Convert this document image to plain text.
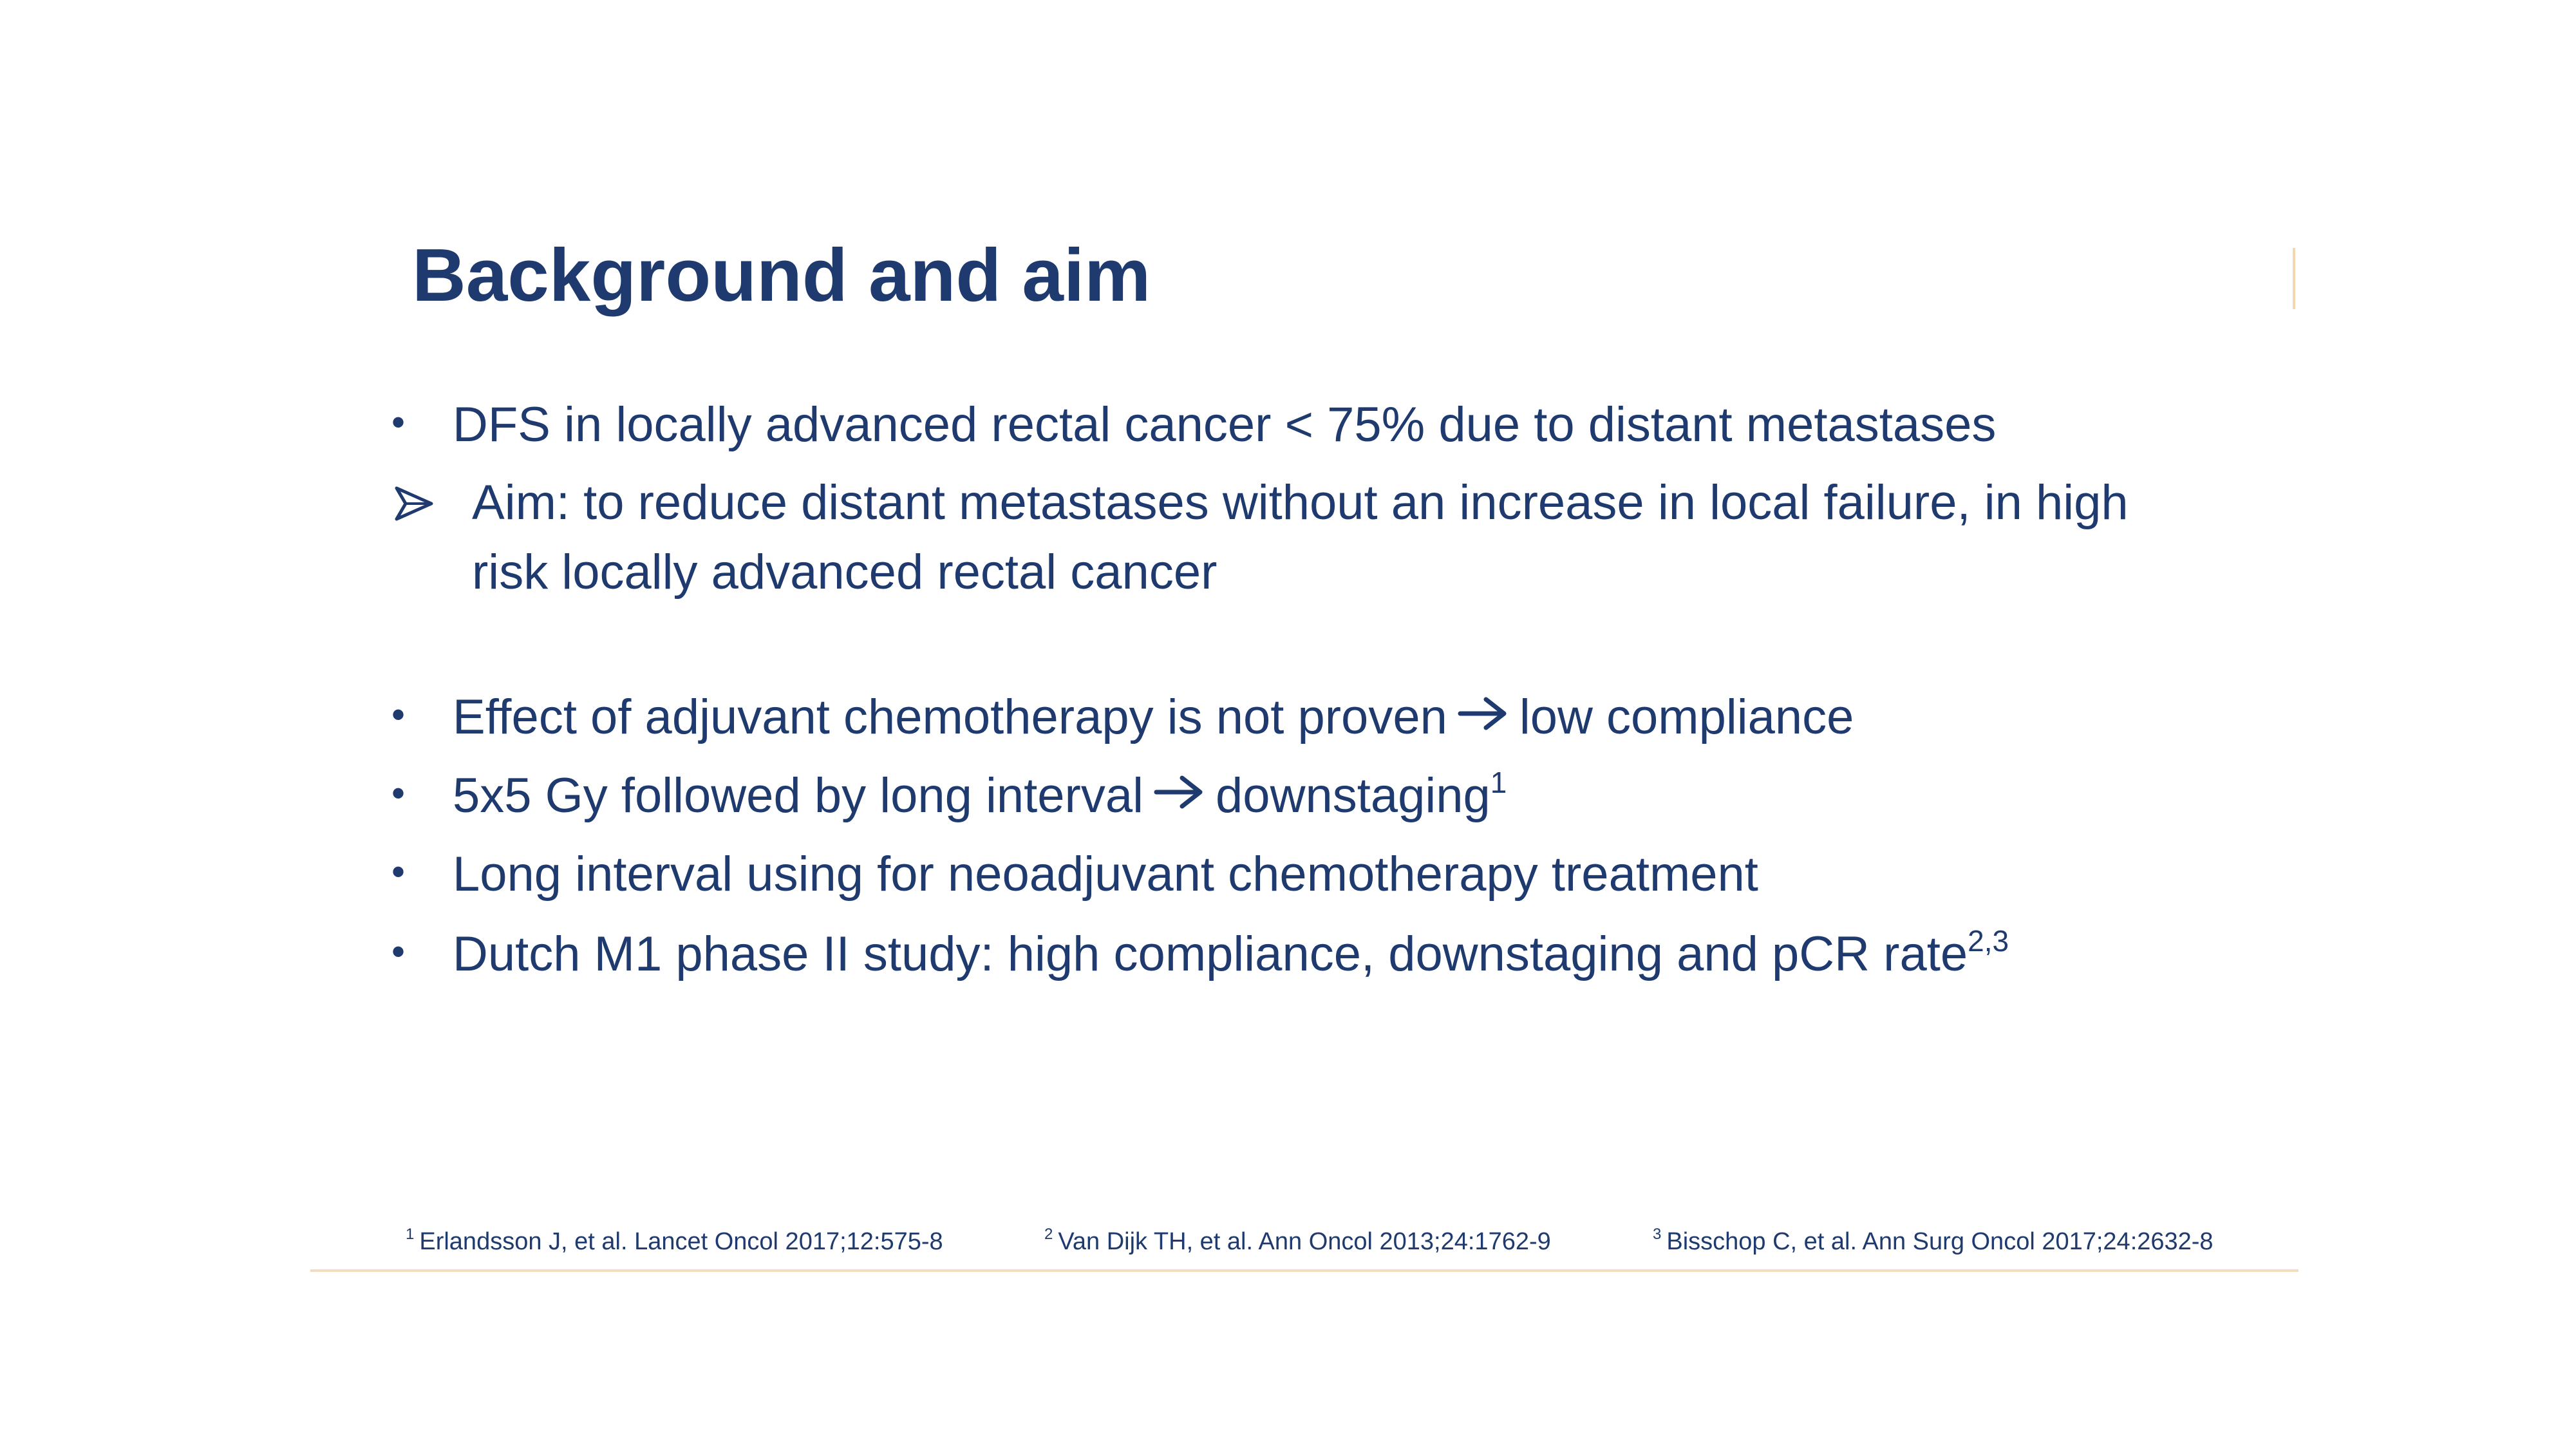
Background and aim
• DFS in locally advanced rectal cancer < 75% due to distant metastases
Aim: to reduce distant metastases without an increase in local failure, in high
risk locally advanced rectal cancer
• Effect of adjuvant chemotherapy is not proven low compliance
• 5x5 Gy followed by long interval downstaging$^1$
• Long interval using for neoadjuvant chemotherapy treatment
• Dutch M1 phase II study: high compliance, downstaging and pCR rate$^{2,3}$
$^1$ Erlandsson J, et al. Lancet Oncol 2017;12:575-8	$^2$ Van Dijk TH, et al. Ann Oncol 2013;24:1762-9	$^3$ Bisschop C, et al. Ann Surg Oncol 2017;24:2632-8
